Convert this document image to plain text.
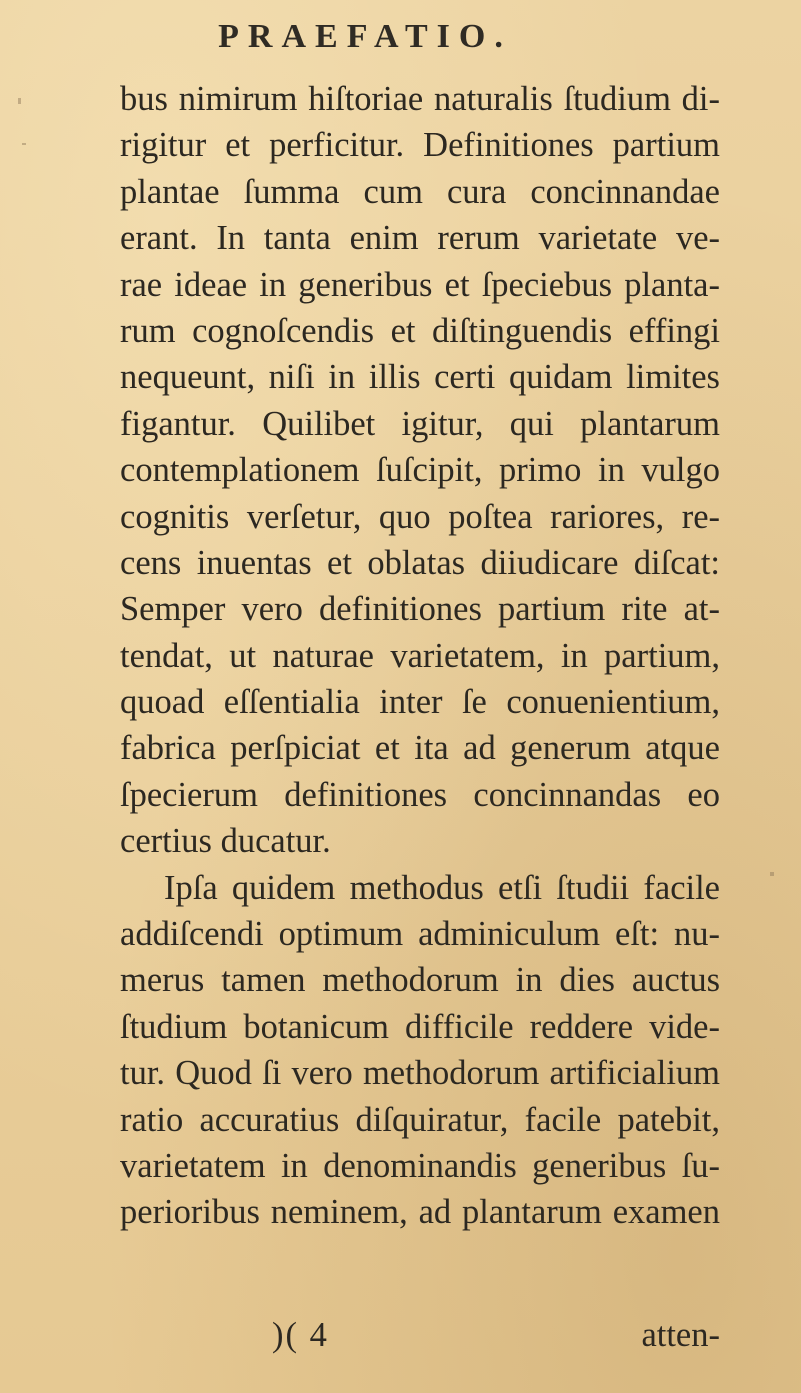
PRAEFATIO.
bus nimirum hiſtoriae naturalis ſtudium di-
rigitur et perficitur. Definitiones partium
plantae ſumma cum cura concinnandae
erant. In tanta enim rerum varietate ve-
rae ideae in generibus et ſpeciebus planta-
rum cognoſcendis et diſtinguendis effingi
nequeunt, niſi in illis certi quidam limites
figantur. Quilibet igitur, qui plantarum
contemplationem ſuſcipit, primo in vulgo
cognitis verſetur, quo poſtea rariores, re-
cens inuentas et oblatas diiudicare diſcat:
Semper vero definitiones partium rite at-
tendat, ut naturae varietatem, in partium,
quoad eſſentialia inter ſe conuenientium,
fabrica perſpiciat et ita ad generum atque
ſpecierum definitiones concinnandas eo
certius ducatur.
Ipſa quidem methodus etſi ſtudii facile
addiſcendi optimum adminiculum eſt: nu-
merus tamen methodorum in dies auctus
ſtudium botanicum difficile reddere vide-
tur. Quod ſi vero methodorum artificialium
ratio accuratius diſquiratur, facile patebit,
varietatem in denominandis generibus ſu-
perioribus neminem, ad plantarum examen
)( 4	atten-
